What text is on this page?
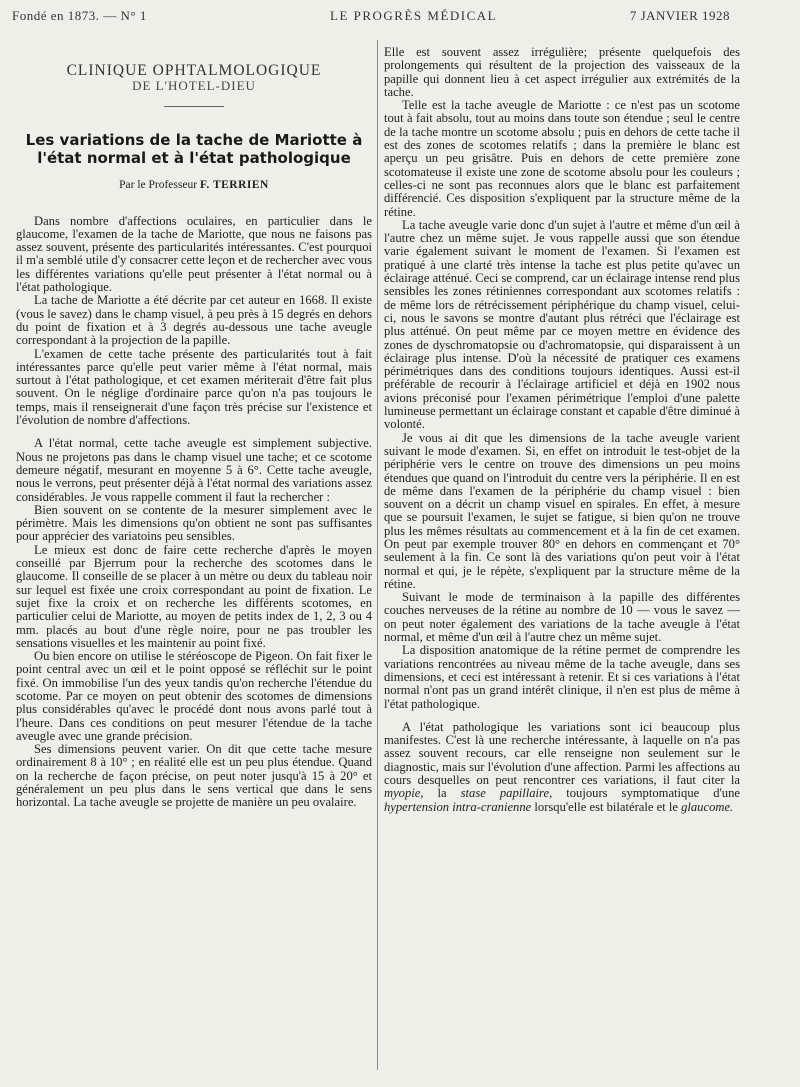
Fondé en 1873. — N° 1	LE PROGRÈS MÉDICAL	7 JANVIER 1928
CLINIQUE OPHTALMOLOGIQUE
DE L'HOTEL-DIEU
Les variations de la tache de Mariotte à l'état normal et à l'état pathologique
Par le Professeur F. TERRIEN

Dans nombre d'affections oculaires, en particulier dans le glaucome, l'examen de la tache de Mariotte, que nous ne faisons pas assez souvent, présente des particularités intéressantes. C'est pourquoi il m'a semblé utile d'y consacrer cette leçon et de rechercher avec vous les différentes variations qu'elle peut présenter à l'état normal ou à l'état pathologique.

La tache de Mariotte a été décrite par cet auteur en 1668. Il existe (vous le savez) dans le champ visuel, à peu près à 15 degrés en dehors du point de fixation et à 3 degrés au-dessous une tache aveugle correspondant à la projection de la papille.

L'examen de cette tache présente des particularités tout à fait intéressantes parce qu'elle peut varier même à l'état normal, mais surtout à l'état pathologique, et cet examen mériterait d'être fait plus souvent. On le néglige d'ordinaire parce qu'on n'a pas toujours le temps, mais il renseignerait d'une façon très précise sur l'existence et l'évolution de nombre d'affections.

A l'état normal, cette tache aveugle est simplement subjective. Nous ne projetons pas dans le champ visuel une tache; et ce scotome demeure négatif, mesurant en moyenne 5 à 6°. Cette tache aveugle, nous le verrons, peut présenter déjà à l'état normal des variations assez considérables. Je vous rappelle comment il faut la rechercher :

Bien souvent on se contente de la mesurer simplement avec le périmètre. Mais les dimensions qu'on obtient ne sont pas suffisantes pour apprécier des variatoins peu sensibles.

Le mieux est donc de faire cette recherche d'après le moyen conseillé par Bjerrum pour la recherche des scotomes dans le glaucome. Il conseille de se placer à un mètre ou deux du tableau noir sur lequel est fixée une croix correspondant au point de fixation. Le sujet fixe la croix et on recherche les différents scotomes, en particulier celui de Mariotte, au moyen de petits index de 1, 2, 3 ou 4 mm. placés au bout d'une règle noire, pour ne pas troubler les sensations visuelles et les maintenir au point fixé.

Ou bien encore on utilise le stéréoscope de Pigeon. On fait fixer le point central avec un œil et le point opposé se réfléchit sur le point fixé. On immobilise l'un des yeux tandis qu'on recherche l'étendue du scotome. Par ce moyen on peut obtenir des scotomes de dimensions plus considérables qu'avec le procédé dont nous avons parlé tout à l'heure. Dans ces conditions on peut mesurer l'étendue de la tache aveugle avec une grande précision.

Ses dimensions peuvent varier. On dit que cette tache mesure ordinairement 8 à 10° ; en réalité elle est un peu plus étendue. Quand on la recherche de façon précise, on peut noter jusqu'à 15 à 20° et généralement un peu plus dans le sens vertical que dans le sens horizontal. La tache aveugle se projette de manière un peu ovalaire.

Elle est souvent assez irrégulière; présente quelquefois des prolongements qui résultent de la projection des vaisseaux de la papille qui donnent lieu à cet aspect irrégulier aux extrémités de la tache.

Telle est la tache aveugle de Mariotte : ce n'est pas un scotome tout à fait absolu, tout au moins dans toute son étendue ; seul le centre de la tache montre un scotome absolu ; puis en dehors de cette tache il est des zones de scotomes relatifs ; dans la première le blanc est aperçu un peu grisâtre. Puis en dehors de cette première zone scotomateuse il existe une zone de scotome absolu pour les couleurs ; celles-ci ne sont pas reconnues alors que le blanc est parfaitement différencié. Ces disposition s'expliquent par la structure même de la rétine.

La tache aveugle varie donc d'un sujet à l'autre et même d'un œil à l'autre chez un même sujet. Je vous rappelle aussi que son étendue varie également suivant le moment de l'examen. Si l'examen est pratiqué à une clarté très intense la tache est plus petite qu'avec un éclairage atténué. Ceci se comprend, car un éclairage intense rend plus sensibles les zones rétiniennes correspondant aux scotomes relatifs : de même lors de rétrécissement périphérique du champ visuel, celui-ci, nous le savons se montre d'autant plus rétréci que l'éclairage est plus atténué. On peut même par ce moyen mettre en évidence des zones de dyschromatopsie ou d'achromatopsie, qui disparaissent à un éclairage plus intense. D'où la nécessité de pratiquer ces examens périmétriques dans des conditions toujours identiques. Aussi est-il préférable de recourir à l'éclairage artificiel et déjà en 1902 nous avions préconisé pour l'examen périmétrique l'emploi d'une palette lumineuse permettant un éclairage constant et capable d'être diminué à volonté.

Je vous ai dit que les dimensions de la tache aveugle varient suivant le mode d'examen. Si, en effet on introduit le test-objet de la périphérie vers le centre on trouve des dimensions un peu moins étendues que quand on l'introduit du centre vers la périphérie. Il en est de même dans l'examen de la périphérie du champ visuel : bien souvent on a décrit un champ visuel en spirales. En effet, à mesure que se poursuit l'examen, le sujet se fatigue, si bien qu'on ne trouve plus les mêmes résultats au commencement et à la fin de cet examen. On peut par exemple trouver 80° en dehors en commençant et 70° seulement à la fin. Ce sont là des variations qu'on peut voir à l'état normal et qui, je le répète, s'expliquent par la structure même de la rétine.

Suivant le mode de terminaison à la papille des différentes couches nerveuses de la rétine au nombre de 10 — vous le savez — on peut noter également des variations de la tache aveugle à l'état normal, et même d'un œil à l'autre chez un même sujet.

La disposition anatomique de la rétine permet de comprendre les variations rencontrées au niveau même de la tache aveugle, dans ses dimensions, et ceci est intéressant à retenir. Et si ces variations à l'état normal n'ont pas un grand intérêt clinique, il n'en est plus de même à l'état pathologique.

A l'état pathologique les variations sont ici beaucoup plus manifestes. C'est là une recherche intéressante, à laquelle on n'a pas assez souvent recours, car elle renseigne non seulement sur le diagnostic, mais sur l'évolution d'une affection. Parmi les affections au cours desquelles on peut rencontrer ces variations, il faut citer la myopie, la stase papillaire, toujours symptomatique d'une hypertension intra-cranienne lorsqu'elle est bilatérale et le glaucome.
